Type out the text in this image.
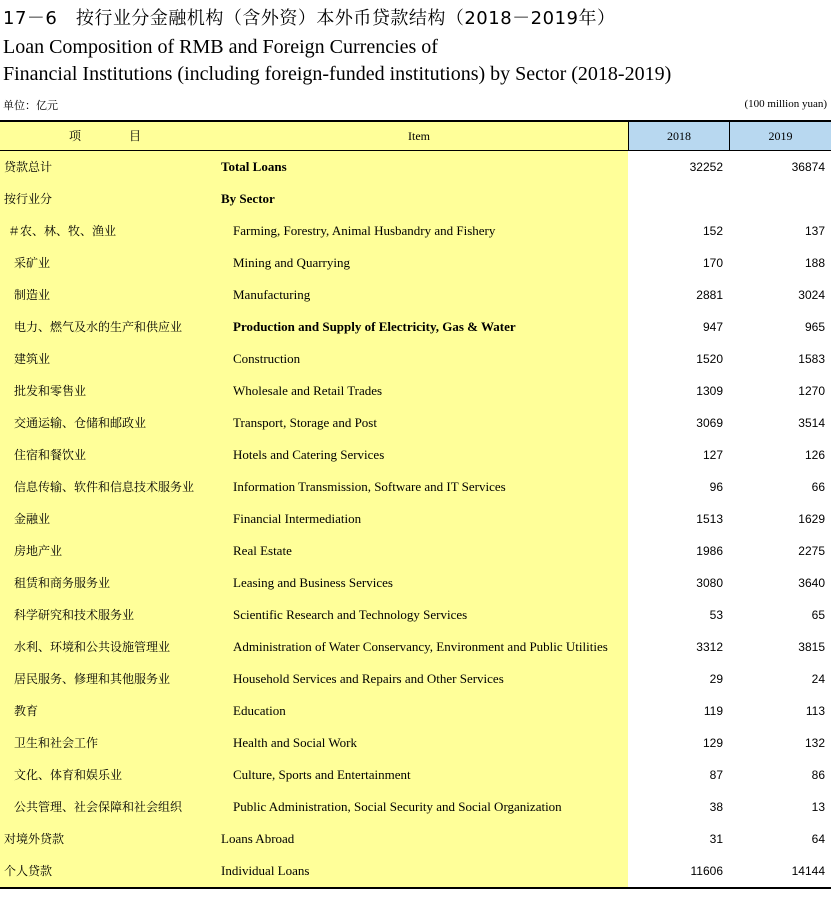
17－6　按行业分金融机构（含外资）本外币贷款结构（2018－2019年）
Loan Composition of RMB and Foreign Currencies of
Financial Institutions (including foreign-funded institutions) by Sector (2018-2019)
单位：亿元	(100 million yuan)
项　　　　目	Item	2018	2019
贷款总计	Total Loans	32252	36874
按行业分	By Sector
＃农、林、牧、渔业	Farming, Forestry, Animal Husbandry and Fishery	152	137
采矿业	Mining and Quarrying	170	188
制造业	Manufacturing	2881	3024
电力、燃气及水的生产和供应业	Production and Supply of Electricity, Gas & Water	947	965
建筑业	Construction	1520	1583
批发和零售业	Wholesale and Retail Trades	1309	1270
交通运输、仓储和邮政业	Transport, Storage and Post	3069	3514
住宿和餐饮业	Hotels and Catering Services	127	126
信息传输、软件和信息技术服务业	Information Transmission, Software and IT Services	96	66
金融业	Financial Intermediation	1513	1629
房地产业	Real Estate	1986	2275
租赁和商务服务业	Leasing and Business Services	3080	3640
科学研究和技术服务业	Scientific Research and Technology Services	53	65
水利、环境和公共设施管理业	Administration of Water Conservancy, Environment and Public Utilities	3312	3815
居民服务、修理和其他服务业	Household Services and Repairs and Other Services	29	24
教育	Education	119	113
卫生和社会工作	Health and Social Work	129	132
文化、体育和娱乐业	Culture, Sports and Entertainment	87	86
公共管理、社会保障和社会组织	Public Administration, Social Security and Social Organization	38	13
对境外贷款	Loans Abroad	31	64
个人贷款	Individual Loans	11606	14144
